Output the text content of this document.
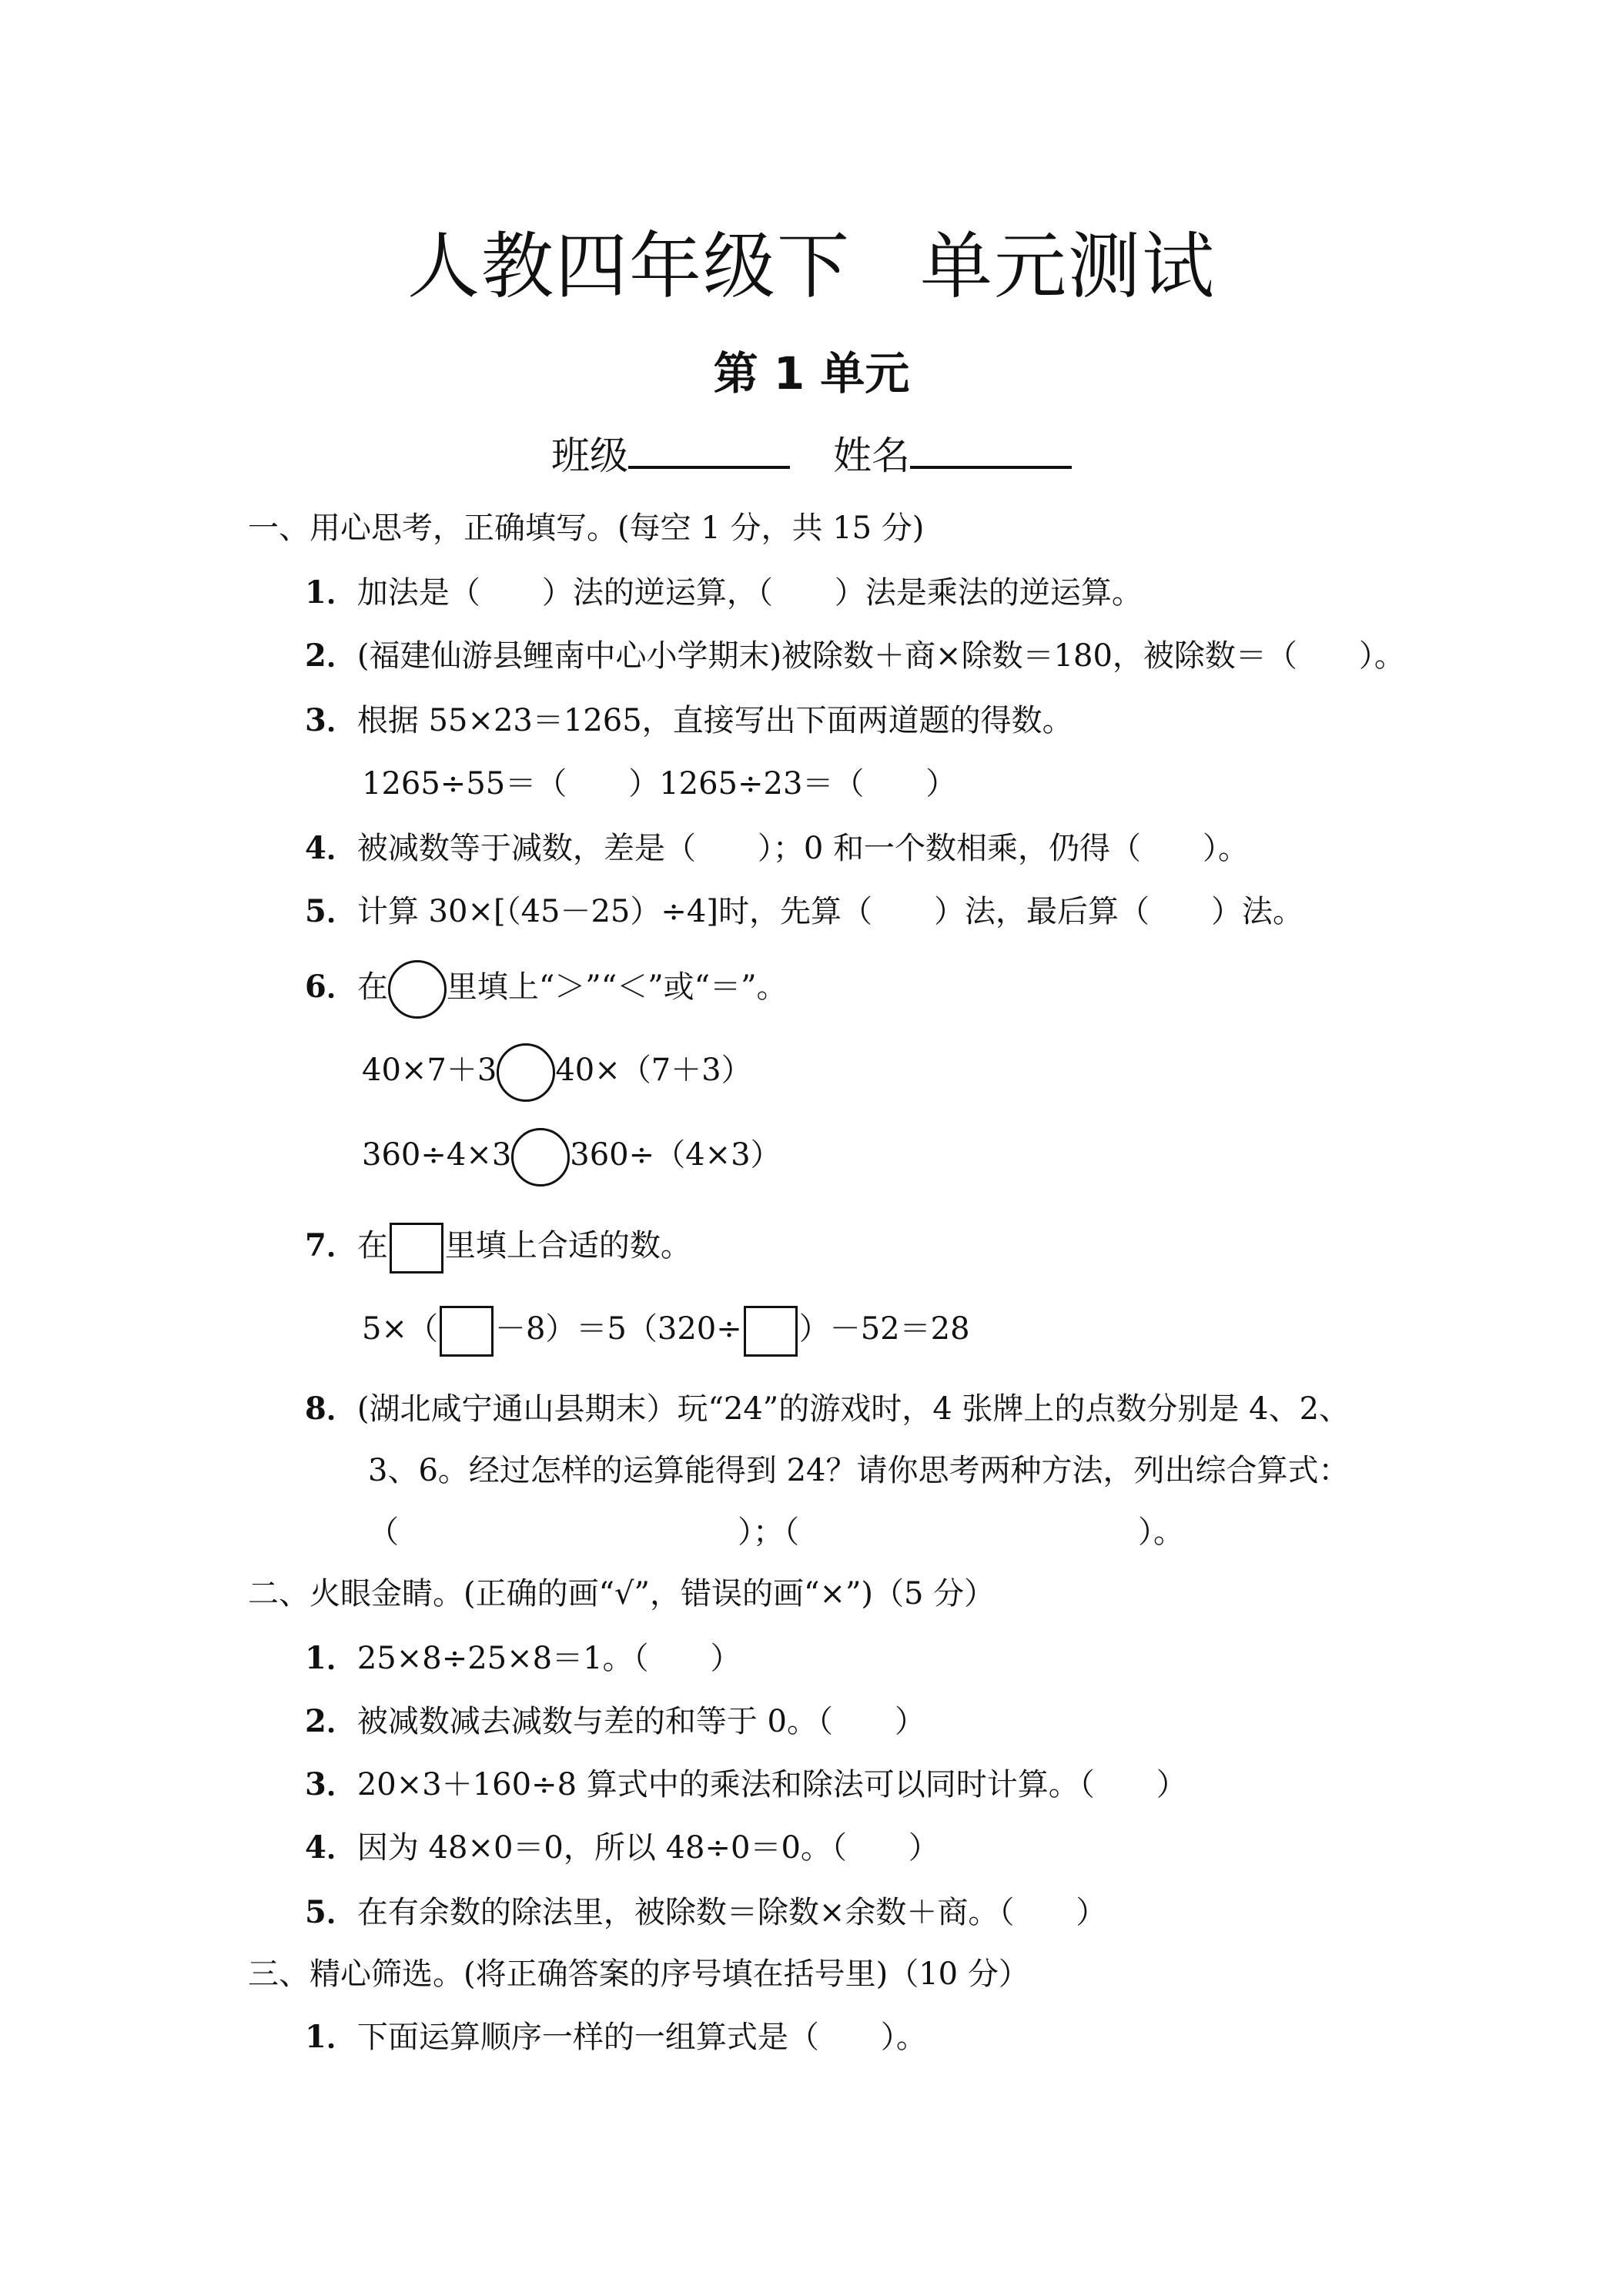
人教四年级下 单元测试
第 1 单元
班级	姓名
一、用心思考，正确填写。(每空 1 分，共 15 分)
1．加法是（　　）法的逆运算，（　　）法是乘法的逆运算。
2．(福建仙游县鲤南中心小学期末)被除数＋商×除数＝180，被除数＝（　　）。
3．根据 55×23＝1265，直接写出下面两道题的得数。
1265÷55＝（　　）1265÷23＝（　　）
4．被减数等于减数，差是（　　）；0 和一个数相乘，仍得（　　）。
5．计算 30×[（45－25）÷4]时，先算（　　）法，最后算（　　）法。
6．在 里填上“＞”“＜”或“＝”。
40×7＋3 40×（7＋3）
360÷4×3 360÷（4×3）
7．在 里填上合适的数。
5×（ －8）＝5（320÷ ）－52＝28
8．(湖北咸宁通山县期末）玩“24”的游戏时，4 张牌上的点数分别是 4、2、
3、6。经过怎样的运算能得到 24？请你思考两种方法，列出综合算式：
（　　　　　　　　　　　）；（　　　　　　　　　　　）。
二、火眼金睛。(正确的画“√”，错误的画“×”)（5 分）
1．25×8÷25×8＝1。（　　）
2．被减数减去减数与差的和等于 0。（　　）
3．20×3＋160÷8 算式中的乘法和除法可以同时计算。（　　）
4．因为 48×0＝0，所以 48÷0＝0。（　　）
5．在有余数的除法里，被除数＝除数×余数＋商。（　　）
三、精心筛选。(将正确答案的序号填在括号里)（10 分）
1．下面运算顺序一样的一组算式是（　　）。
